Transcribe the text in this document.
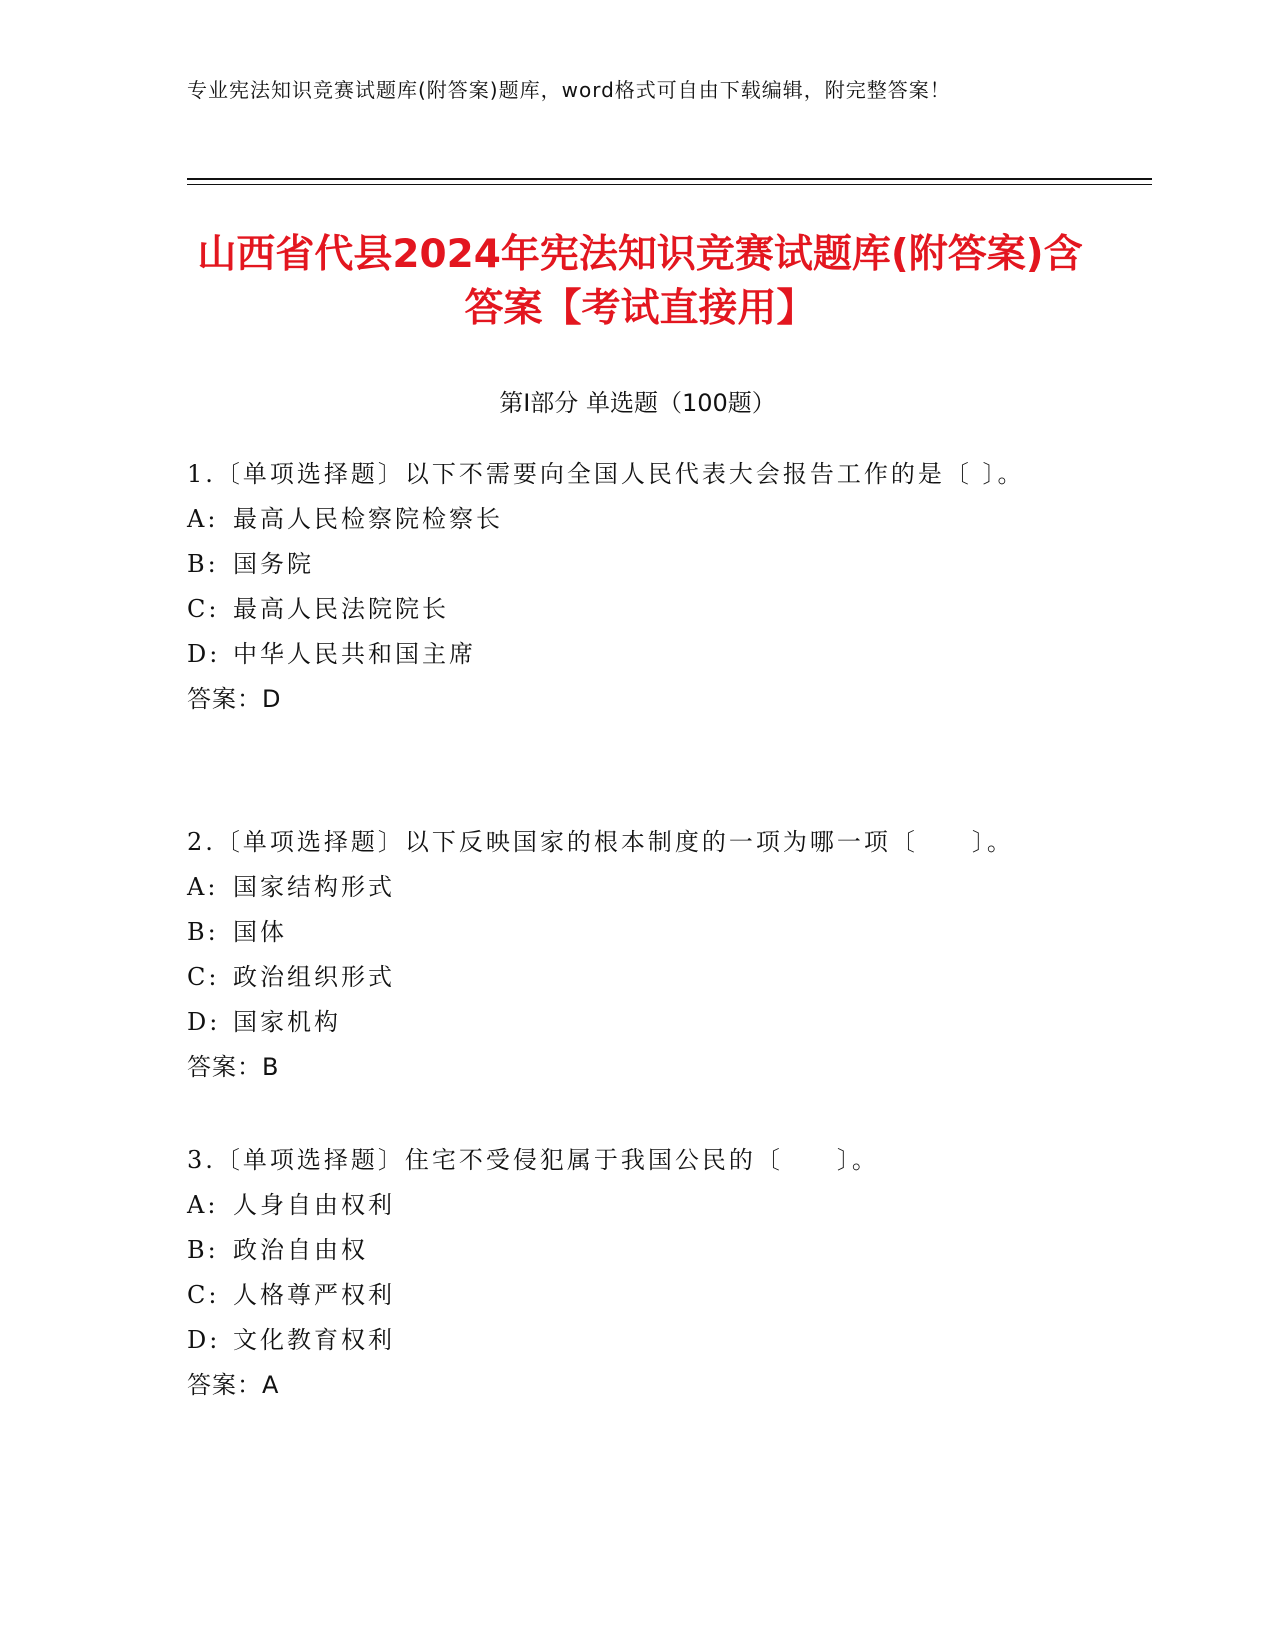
专业宪法知识竞赛试题库(附答案)题库，word格式可自由下载编辑，附完整答案！
山西省代县2024年宪法知识竞赛试题库(附答案)含答案【考试直接用】
第I部分 单选题（100题）

1.〔单项选择题〕以下不需要向全国人民代表大会报告工作的是〔 〕。

A: 最高人民检察院检察长

B: 国务院

C: 最高人民法院院长

D: 中华人民共和国主席

答案：D

2.〔单项选择题〕以下反映国家的根本制度的一项为哪一项〔　　〕。

A: 国家结构形式

B: 国体

C: 政治组织形式

D: 国家机构

答案：B

3.〔单项选择题〕住宅不受侵犯属于我国公民的〔　　〕。

A: 人身自由权利

B: 政治自由权

C: 人格尊严权利

D: 文化教育权利

答案：A
